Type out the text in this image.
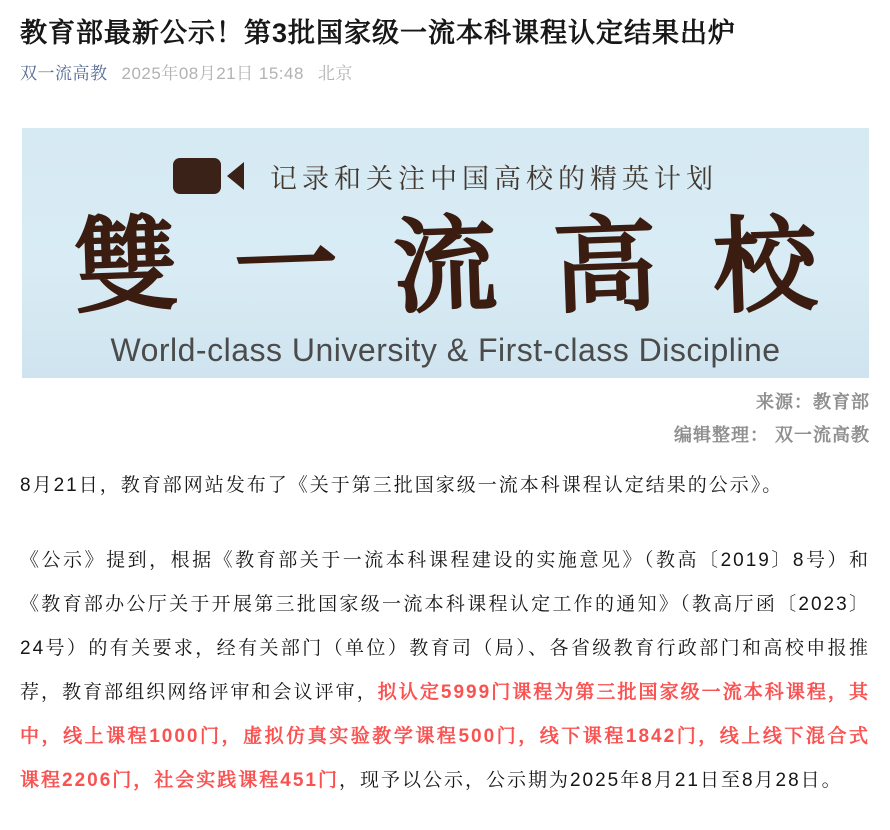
教育部最新公示！第3批国家级一流本科课程认定结果出炉
双一流高教 2025年08月21日 15:48 北京
记录和关注中国高校的精英计划
雙 一 流 高 校
World-class University & First-class Discipline
来源：教育部
编辑整理： 双一流高教

8月21日，教育部网站发布了《关于第三批国家级一流本科课程认定结果的公示》。

《公示》提到，根据《教育部关于一流本科课程建设的实施意见》（教高〔2019〕8号）和《教育部办公厅关于开展第三批国家级一流本科课程认定工作的通知》（教高厅函〔2023〕24号）的有关要求，经有关部门（单位）教育司（局）、各省级教育行政部门和高校申报推荐，教育部组织网络评审和会议评审，拟认定5999门课程为第三批国家级一流本科课程，其中，线上课程1000门，虚拟仿真实验教学课程500门，线下课程1842门，线上线下混合式课程2206门，社会实践课程451门，现予以公示，公示期为2025年8月21日至8月28日。
